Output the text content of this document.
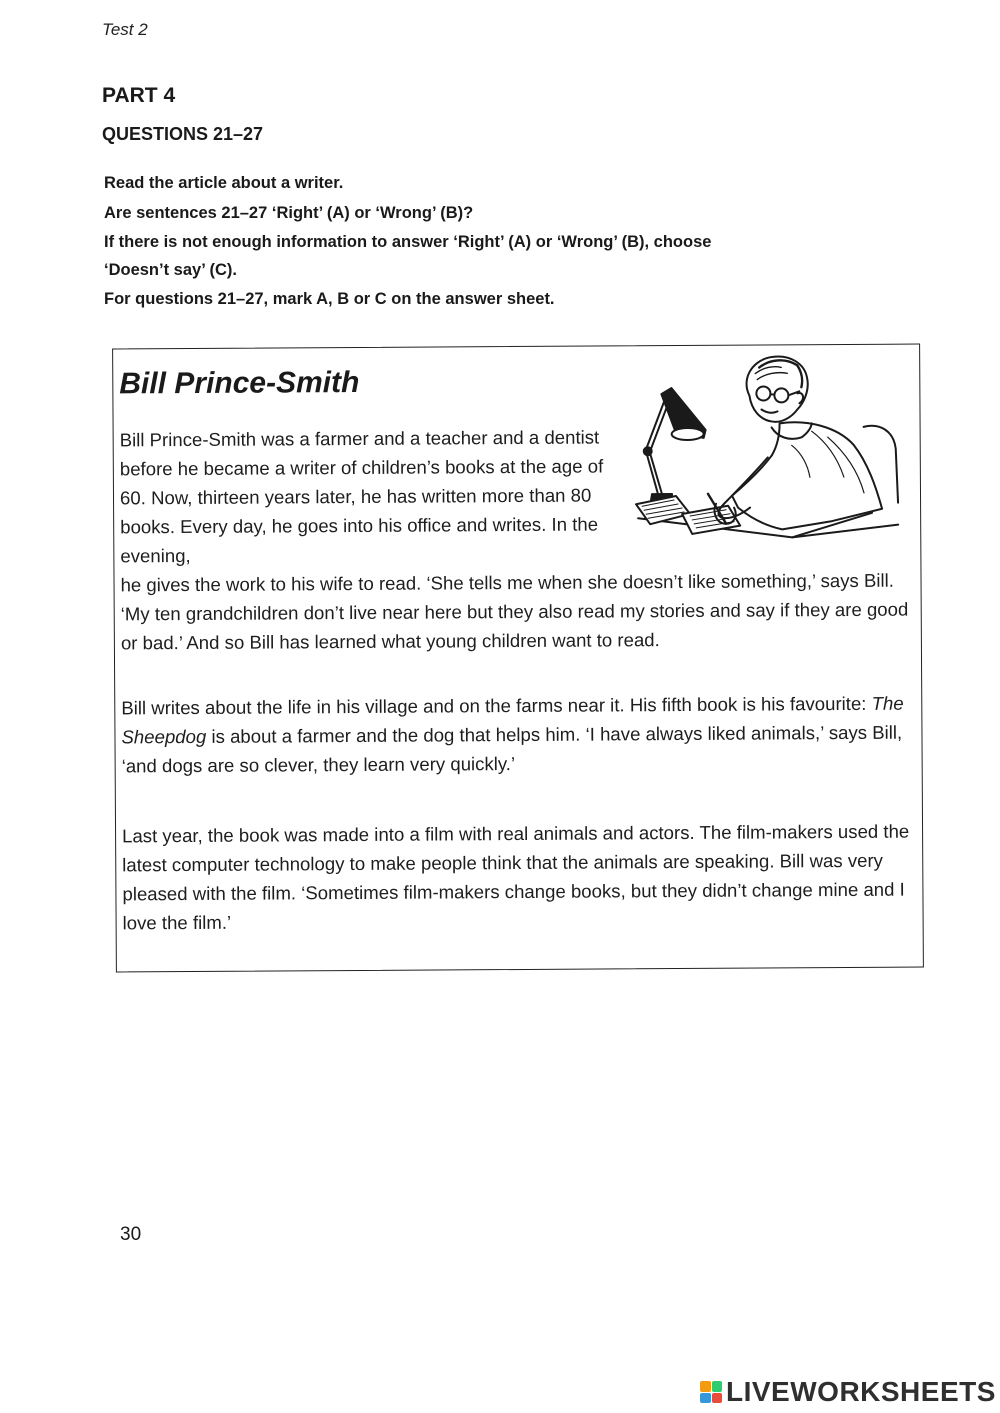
Test 2
PART 4
QUESTIONS 21–27
Read the article about a writer.
Are sentences 21–27 ‘Right’ (A) or ‘Wrong’ (B)?
If there is not enough information to answer ‘Right’ (A) or ‘Wrong’ (B), choose
‘Doesn’t say’ (C).
For questions 21–27, mark A, B or C on the answer sheet.
Bill Prince-Smith

Bill Prince-Smith was a farmer and a teacher and a dentist before he became a writer of children’s books at the age of 60. Now, thirteen years later, he has written more than 80 books. Every day, he goes into his office and writes. In the evening,
he gives the work to his wife to read. ‘She tells me when she doesn’t like something,’ says Bill. ‘My ten grandchildren don’t live near here but they also read my stories and say if they are good or bad.’ And so Bill has learned what young children want to read.

Bill writes about the life in his village and on the farms near it. His fifth book is his favourite: The Sheepdog is about a farmer and the dog that helps him. ‘I have always liked animals,’ says Bill, ‘and dogs are so clever, they learn very quickly.’

Last year, the book was made into a film with real animals and actors. The film-makers used the latest computer technology to make people think that the animals are speaking. Bill was very pleased with the film. ‘Sometimes film-makers change books, but they didn’t change mine and I love the film.’

30
LIVEWORKSHEETS
